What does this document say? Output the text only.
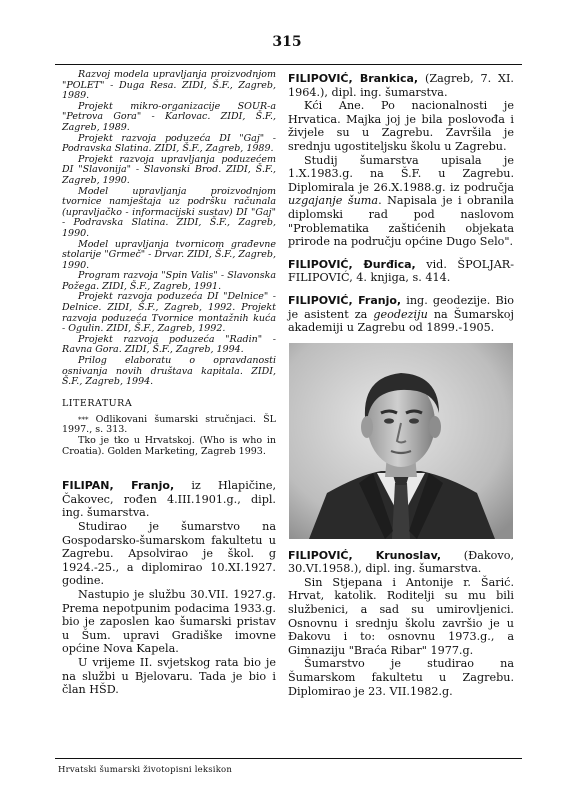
315

Razvoj modela upravljanja proizvodnjom "POLET" - Duga Resa. ZIDI, Š.F., Zagreb, 1989.

Projekt mikro-organizacije SOUR-a "Petrova Gora" - Karlovac. ZIDI, Š.F., Zagreb, 1989.

Projekt razvoja poduzeća DI "Gaj" - Podravska Slatina. ZIDI, Š.F., Zagreb, 1989.

Projekt razvoja upravljanja poduzećem DI "Slavonija" - Slavonski Brod. ZIDI, Š.F., Zagreb, 1990.

Model upravljanja proizvodnjom tvornice namještaja uz podršku računala (upravljačko - informacijski sustav) DI "Gaj" - Podravska Slatina. ZIDI, Š.F., Zagreb, 1990.

Model upravljanja tvornicom građevne stolarije "Grmeč" - Drvar. ZIDI, Š.F., Zagreb, 1990.

Program razvoja "Spin Valis" - Slavonska Požega. ZIDI, Š.F., Zagreb, 1991.

Projekt razvoja poduzeća DI "Delnice" - Delnice. ZIDI, Š.F., Zagreb, 1992. Projekt razvoja poduzeća Tvornice montažnih kuća - Ogulin. ZIDI, Š.F., Zagreb, 1992.

Projekt razvoja poduzeća "Radin" - Ravna Gora. ZIDI, Š.F., Zagreb, 1994.

Prilog elaboratu o opravdanosti osnivanja novih društava kapitala. ZIDI, Š.F., Zagreb, 1994.

LITERATURA

*** Odlikovani šumarski stručnjaci. ŠL 1997., s. 313.

Tko je tko u Hrvatskoj. (Who is who in Croatia). Golden Marketing, Zagreb 1993.

FILIPAN, Franjo, iz Hlapičine, Čakovec, rođen 4.III.1901.g., dipl. ing. šumarstva.

Studirao je šumarstvo na Gospodarsko-šumarskom fakultetu u Zagrebu. Apsolvirao je škol. g 1924.-25., a diplomirao 10.XI.1927. godine.

Nastupio je službu 30.VII. 1927.g. Prema nepotpunim podacima 1933.g. bio je zaposlen kao šumarski pristav u Šum. upravi Gradiške imovne općine Nova Kapela.

U vrijeme II. svjetskog rata bio je na službi u Bjelovaru. Tada je bio i član HŠD.

FILIPOVIĆ, Brankica, (Zagreb, 7. XI. 1964.), dipl. ing. šumarstva.

Kći Ane. Po nacionalnosti je Hrvatica. Majka joj je bila poslovođa i živjele su u Zagrebu. Završila je srednju ugostiteljsku školu u Zagrebu.

Studij šumarstva upisala je 1.X.1983.g. na Š.F. u Zagrebu. Diplomirala je 26.X.1988.g. iz područja uzgajanje šuma. Napisala je i obranila diplomski rad pod naslovom "Problematika zaštićenih objekata prirode na području općine Dugo Selo".

FILIPOVIĆ, Đurđica, vid. ŠPOLJAR-FILIPOVIĆ, 4. knjiga, s. 414.

FILIPOVIĆ, Franjo, ing. geodezije. Bio je asistent za geodeziju na Šumarskoj akademiji u Zagrebu od 1899.-1905.

FILIPOVIĆ, Krunoslav, (Đakovo, 30.VI.1958.), dipl. ing. šumarstva.

Sin Stjepana i Antonije r. Šarić. Hrvat, katolik. Roditelji su mu bili službenici, a sad su umirovljenici. Osnovnu i srednju školu završio je u Đakovu i to: osnovnu 1973.g., a Gimnaziju "Braća Ribar" 1977.g.

Šumarstvo je studirao na Šumarskom fakultetu u Zagrebu. Diplomirao je 23. VII.1982.g.

Hrvatski šumarski životopisni leksikon
